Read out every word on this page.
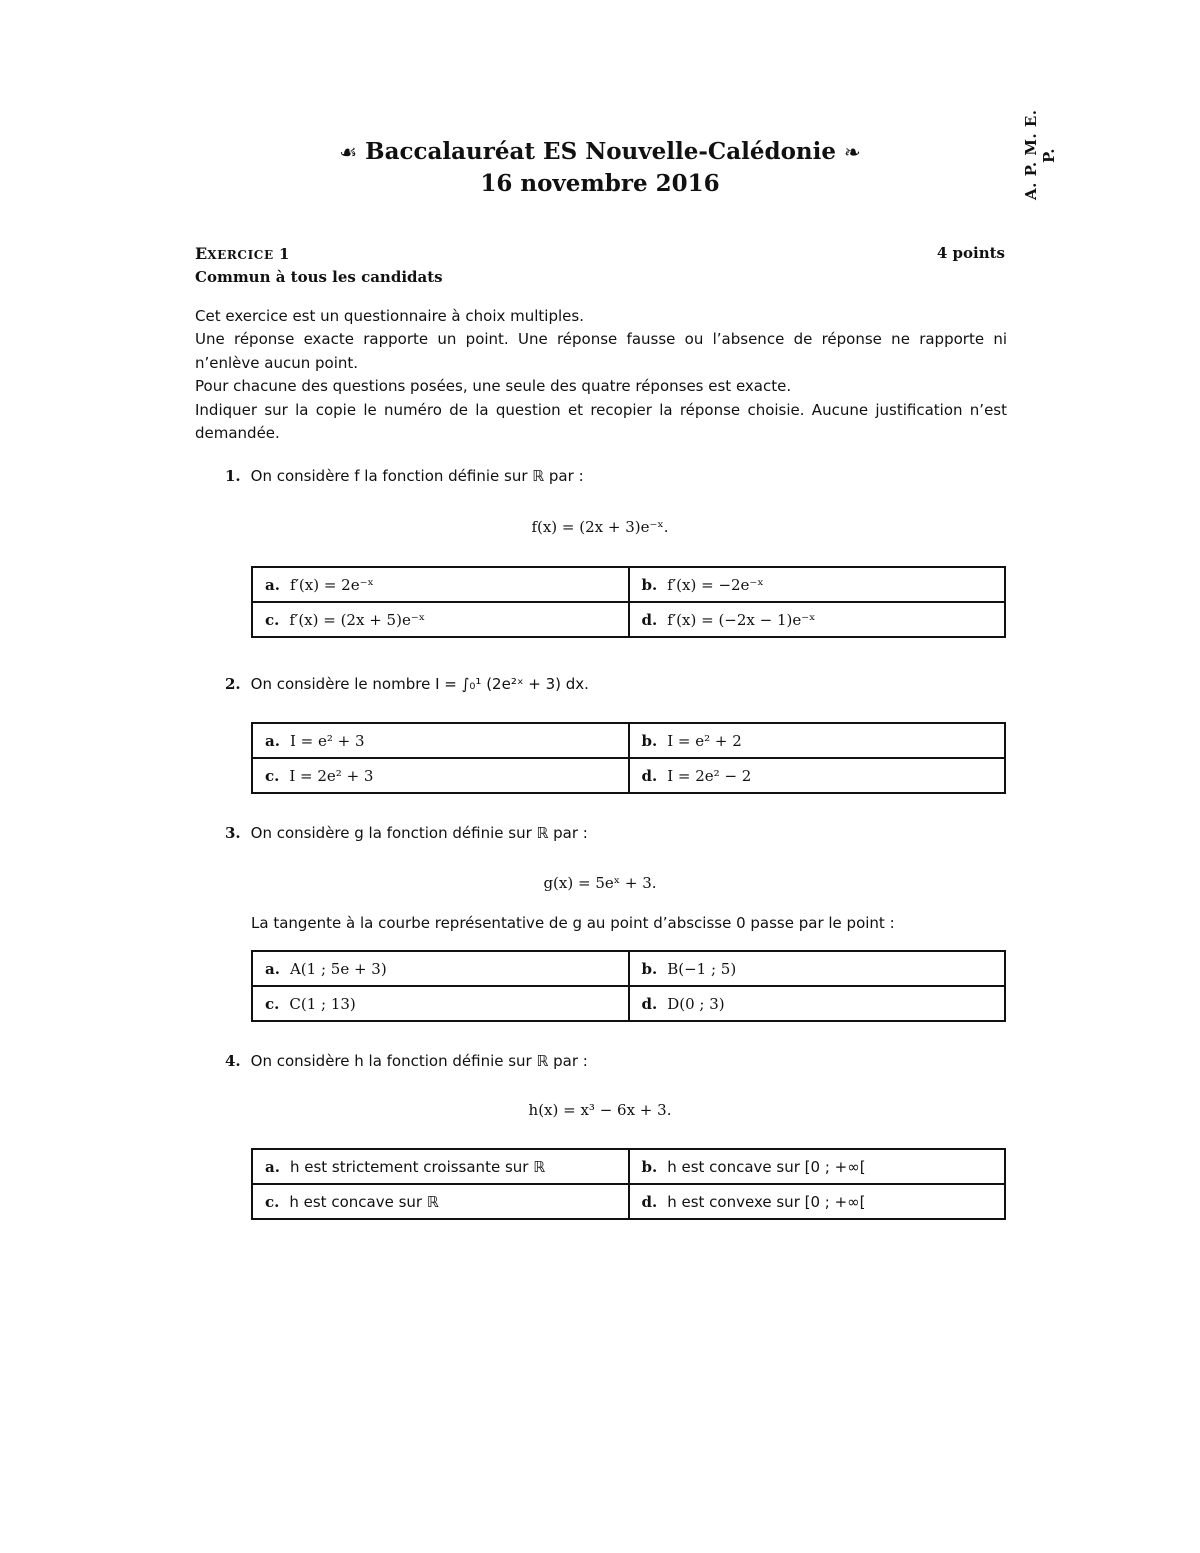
A. P. M. E. P.
☙ Baccalauréat ES Nouvelle-Calédonie ❧
16 novembre 2016
EXERCICE 1	4 points
Commun à tous les candidats

Cet exercice est un questionnaire à choix multiples.

Une réponse exacte rapporte un point. Une réponse fausse ou l’absence de réponse ne rapporte ni n’enlève aucun point.

Pour chacune des questions posées, une seule des quatre réponses est exacte.

Indiquer sur la copie le numéro de la question et recopier la réponse choisie. Aucune justification n’est demandée.

1. On considère f la fonction définie sur ℝ par :
f(x) = (2x + 3)e⁻ˣ.
a. f′(x) = 2e⁻ˣ	b. f′(x) = −2e⁻ˣ
c. f′(x) = (2x + 5)e⁻ˣ	d. f′(x) = (−2x − 1)e⁻ˣ
2. On considère le nombre I = ∫₀¹ (2e²ˣ + 3) dx.
a. I = e² + 3	b. I = e² + 2
c. I = 2e² + 3	d. I = 2e² − 2
3. On considère g la fonction définie sur ℝ par :
g(x) = 5eˣ + 3.
La tangente à la courbe représentative de g au point d’abscisse 0 passe par le point :
a. A(1 ; 5e + 3)	b. B(−1 ; 5)
c. C(1 ; 13)	d. D(0 ; 3)
4. On considère h la fonction définie sur ℝ par :
h(x) = x³ − 6x + 3.
a. h est strictement croissante sur ℝ	b. h est concave sur [0 ; +∞[
c. h est concave sur ℝ	d. h est convexe sur [0 ; +∞[
